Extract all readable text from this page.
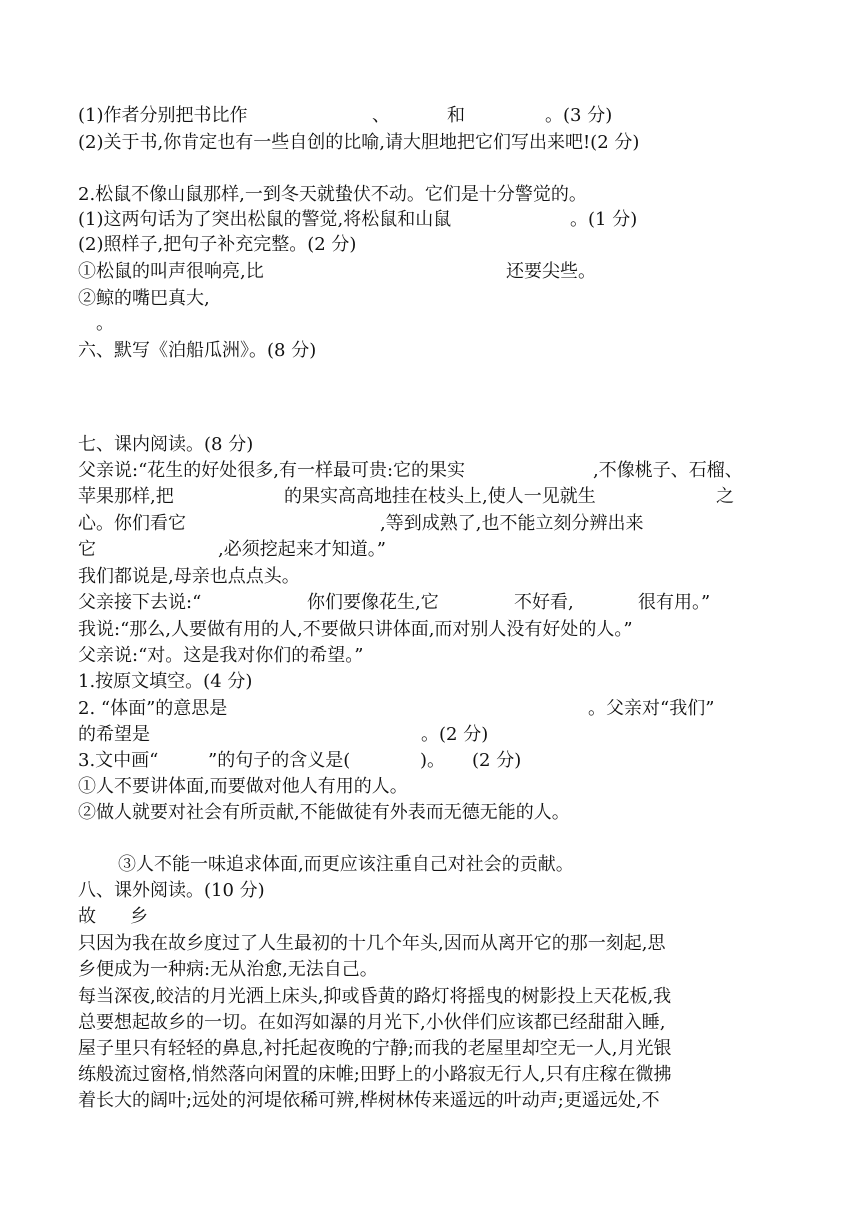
(1)作者分别把书比作	、	和	。(3 分)
(2)关于书,你肯定也有一些自创的比喻,请大胆地把它们写出来吧!(2 分)
2.松鼠不像山鼠那样,一到冬天就蛰伏不动。它们是十分警觉的。
(1)这两句话为了突出松鼠的警觉,将松鼠和山鼠	。(1 分)
(2)照样子,把句子补充完整。(2 分)
①松鼠的叫声很响亮,比	还要尖些。
②鲸的嘴巴真大,
。
六、默写《泊船瓜洲》。(8 分)
七、课内阅读。(8 分)
父亲说:“花生的好处很多,有一样最可贵:它的果实	,不像桃子、石榴、
苹果那样,把	的果实高高地挂在枝头上,使人一见就生	之
心。你们看它	,等到成熟了,也不能立刻分辨出来
它	,必须挖起来才知道。”
我们都说是,母亲也点点头。
父亲接下去说:“	你们要像花生,它	不好看,	很有用。”
我说:“那么,人要做有用的人,不要做只讲体面,而对别人没有好处的人。”
父亲说:“对。这是我对你们的希望。”
1.按原文填空。(4 分)
2. “体面”的意思是	。父亲对“我们”
的希望是	。(2 分)
3.文中画“	”的句子的含义是(	)。 (2 分)
①人不要讲体面,而要做对他人有用的人。
②做人就要对社会有所贡献,不能做徒有外表而无德无能的人。
③人不能一味追求体面,而更应该注重自己对社会的贡献。
八、课外阅读。(10 分)
故 乡
只因为我在故乡度过了人生最初的十几个年头,因而从离开它的那一刻起,思
乡便成为一种病:无从治愈,无法自己。
每当深夜,皎洁的月光洒上床头,抑或昏黄的路灯将摇曳的树影投上天花板,我
总要想起故乡的一切。在如泻如瀑的月光下,小伙伴们应该都已经甜甜入睡,
屋子里只有轻轻的鼻息,衬托起夜晚的宁静;而我的老屋里却空无一人,月光银
练般流过窗格,悄然落向闲置的床帷;田野上的小路寂无行人,只有庄稼在微拂
着长大的阔叶;远处的河堤依稀可辨,桦树林传来遥远的叶动声;更遥远处,不
